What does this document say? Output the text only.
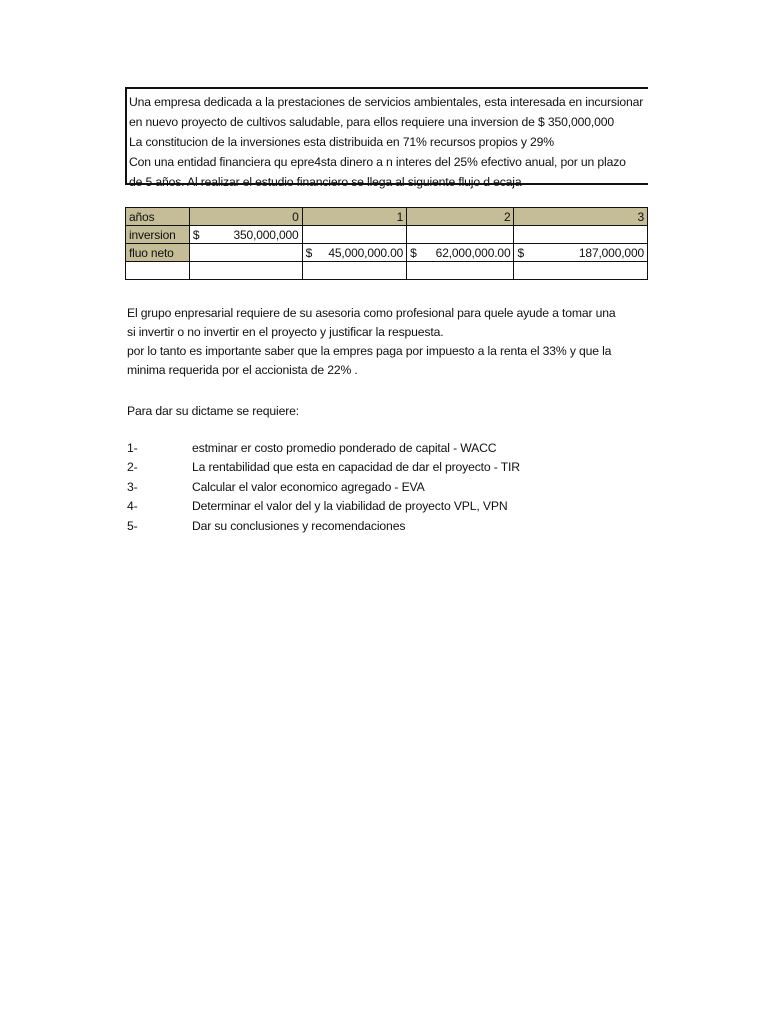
Una empresa dedicada a la prestaciones de servicios ambientales, esta interesada en incursionar
en nuevo proyecto de cultivos saludable, para ellos requiere una inversion de $ 350,000,000
La constitucion de la inversiones esta distribuida en 71% recursos propios y 29%
Con una entidad financiera qu epre4sta dinero a n interes del 25% efectivo anual, por un plazo
de 5 años. Al realizar el estudio financiero se llega al siguiente flujo d ecaja
años	0	1	2	3
inversion	$ 350,000,000	

fluo neto		$ 45,000,000.00	$ 62,000,000.00	$ 187,000,000

El grupo enpresarial requiere de su asesoria como profesional para quele ayude a tomar una
si invertir o no invertir en el proyecto y justificar la respuesta.
por lo tanto es importante saber que la empres paga por impuesto a la renta el 33% y que la
minima requerida por el accionista de 22% .
Para dar su dictame se requiere:
1-	estminar er costo promedio ponderado de capital - WACC
2-	La rentabilidad que esta en capacidad de dar el proyecto - TIR
3-	Calcular el valor economico agregado - EVA
4-	Determinar el valor del y la viabilidad de proyecto VPL, VPN
5-	Dar su conclusiones y recomendaciones
